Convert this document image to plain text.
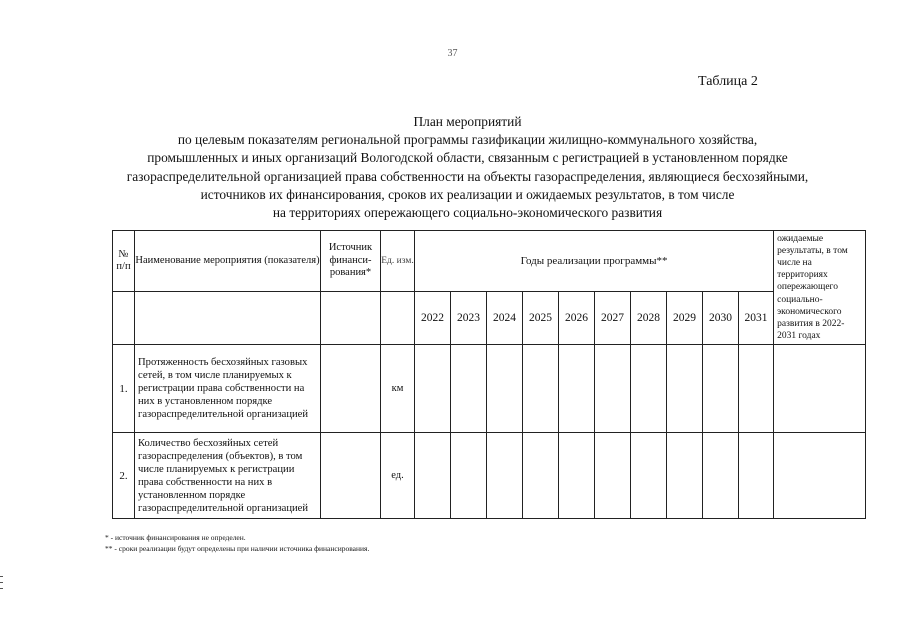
37
Таблица 2
План мероприятий
по целевым показателям региональной программы газификации жилищно-коммунального хозяйства,
промышленных и иных организаций Вологодской области, связанным с регистрацией в установленном порядке
газораспределительной организацией права собственности на объекты газораспределения, являющиеся бесхозяйными,
источников их финансирования, сроков их реализации и ожидаемых результатов, в том числе
на территориях опережающего социально-экономического развития
№ п/п	Наименование мероприятия (показателя)	Источник финанси-рования*	Ед. изм.	Годы реализации программы**										ожидаемые результаты, в том числе на территориях опережающего социально-экономического развития в 2022-2031 годах
				2022	2023	2024	2025	2026	2027	2028	2029	2030	2031	
1.	Протяженность бесхозяйных газовых сетей, в том числе планируемых к регистрации права собственности на них в установленном порядке газораспределительной организацией		км											
2.	Количество бесхозяйных сетей газораспределения (объектов), в том числе планируемых к регистрации права собственности на них в установленном порядке газораспределительной организацией		ед.											
* - источник финансирования не определен.
** - сроки реализации будут определены при наличии источника финансирования.
